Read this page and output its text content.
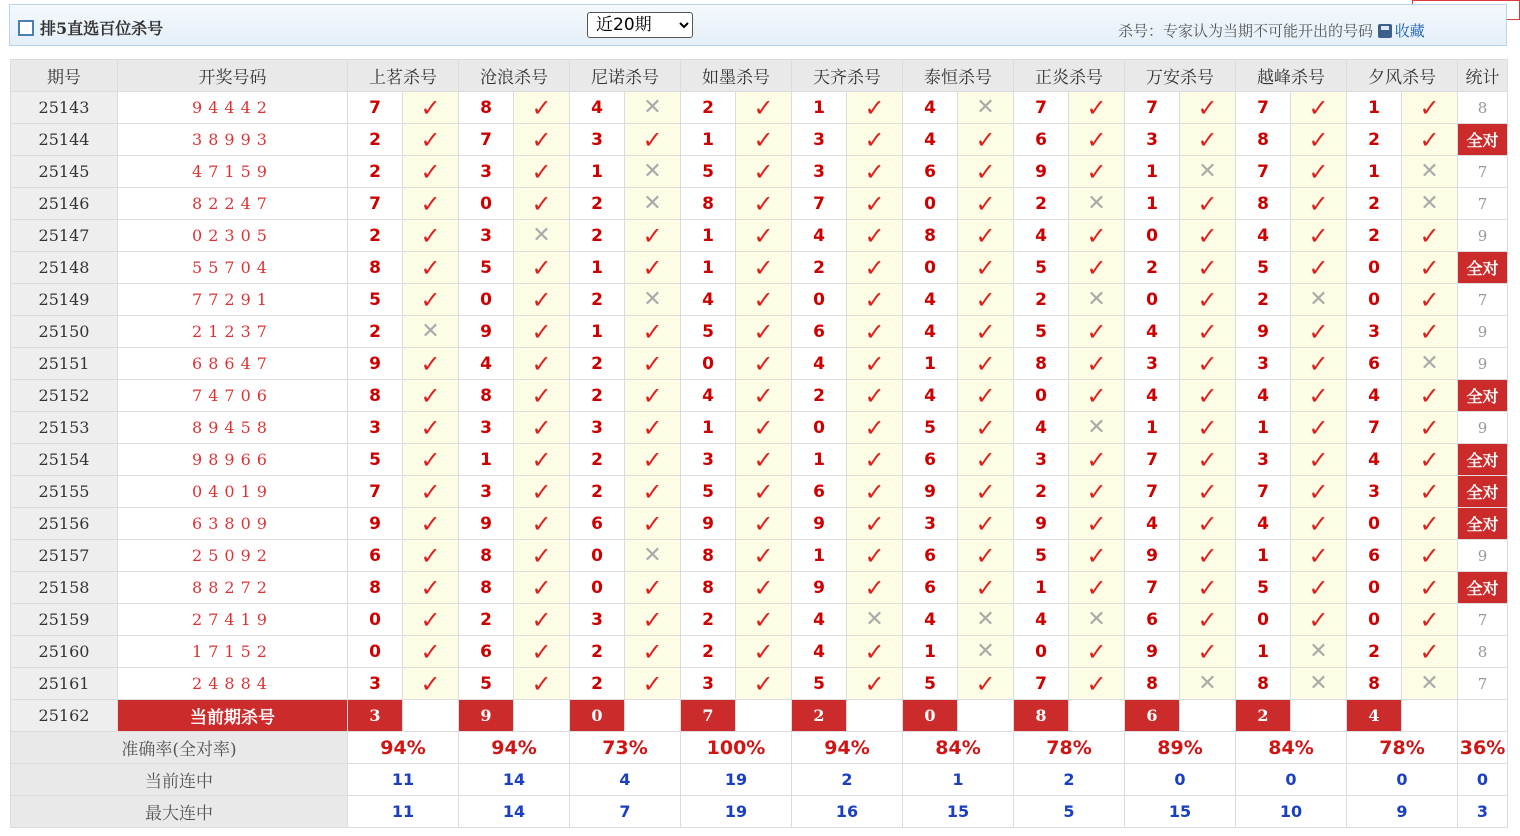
排5直选百位杀号
近20期	杀号：专家认为当期不可能开出的号码 收藏
期号	开奖号码	上茗杀号		沧浪杀号		尼诺杀号		如墨杀号		天齐杀号		泰恒杀号		正炎杀号		万安杀号		越峰杀号		夕风杀号		统计
25143	94442	7	✓	8	✓	4	✕	2	✓	1	✓	4	✕	7	✓	7	✓	7	✓	1	✓	8
25144	38993	2	✓	7	✓	3	✓	1	✓	3	✓	4	✓	6	✓	3	✓	8	✓	2	✓	全对
25145	47159	2	✓	3	✓	1	✕	5	✓	3	✓	6	✓	9	✓	1	✕	7	✓	1	✕	7
25146	82247	7	✓	0	✓	2	✕	8	✓	7	✓	0	✓	2	✕	1	✓	8	✓	2	✕	7
25147	02305	2	✓	3	✕	2	✓	1	✓	4	✓	8	✓	4	✓	0	✓	4	✓	2	✓	9
25148	55704	8	✓	5	✓	1	✓	1	✓	2	✓	0	✓	5	✓	2	✓	5	✓	0	✓	全对
25149	77291	5	✓	0	✓	2	✕	4	✓	0	✓	4	✓	2	✕	0	✓	2	✕	0	✓	7
25150	21237	2	✕	9	✓	1	✓	5	✓	6	✓	4	✓	5	✓	4	✓	9	✓	3	✓	9
25151	68647	9	✓	4	✓	2	✓	0	✓	4	✓	1	✓	8	✓	3	✓	3	✓	6	✕	9
25152	74706	8	✓	8	✓	2	✓	4	✓	2	✓	4	✓	0	✓	4	✓	4	✓	4	✓	全对
25153	89458	3	✓	3	✓	3	✓	1	✓	0	✓	5	✓	4	✕	1	✓	1	✓	7	✓	9
25154	98966	5	✓	1	✓	2	✓	3	✓	1	✓	6	✓	3	✓	7	✓	3	✓	4	✓	全对
25155	04019	7	✓	3	✓	2	✓	5	✓	6	✓	9	✓	2	✓	7	✓	7	✓	3	✓	全对
25156	63809	9	✓	9	✓	6	✓	9	✓	9	✓	3	✓	9	✓	4	✓	4	✓	0	✓	全对
25157	25092	6	✓	8	✓	0	✕	8	✓	1	✓	6	✓	5	✓	9	✓	1	✓	6	✓	9
25158	88272	8	✓	8	✓	0	✓	8	✓	9	✓	6	✓	1	✓	7	✓	5	✓	0	✓	全对
25159	27419	0	✓	2	✓	3	✓	2	✓	4	✕	4	✕	4	✕	6	✓	0	✓	0	✓	7
25160	17152	0	✓	6	✓	2	✓	2	✓	4	✓	1	✕	0	✓	9	✓	1	✕	2	✓	8
25161	24884	3	✓	5	✓	2	✓	3	✓	5	✓	5	✓	7	✓	8	✕	8	✕	8	✕	7
25162	当前期杀号	3		9		0		7		2		0		8		6		2		4		
准确率(全对率)		94%		94%		73%		100%		94%		84%		78%		89%		84%		78%		36%
当前连中		11		14		4		19		2		1		2		0		0		0		0
最大连中		11		14		7		19		16		15		5		15		10		9		3
